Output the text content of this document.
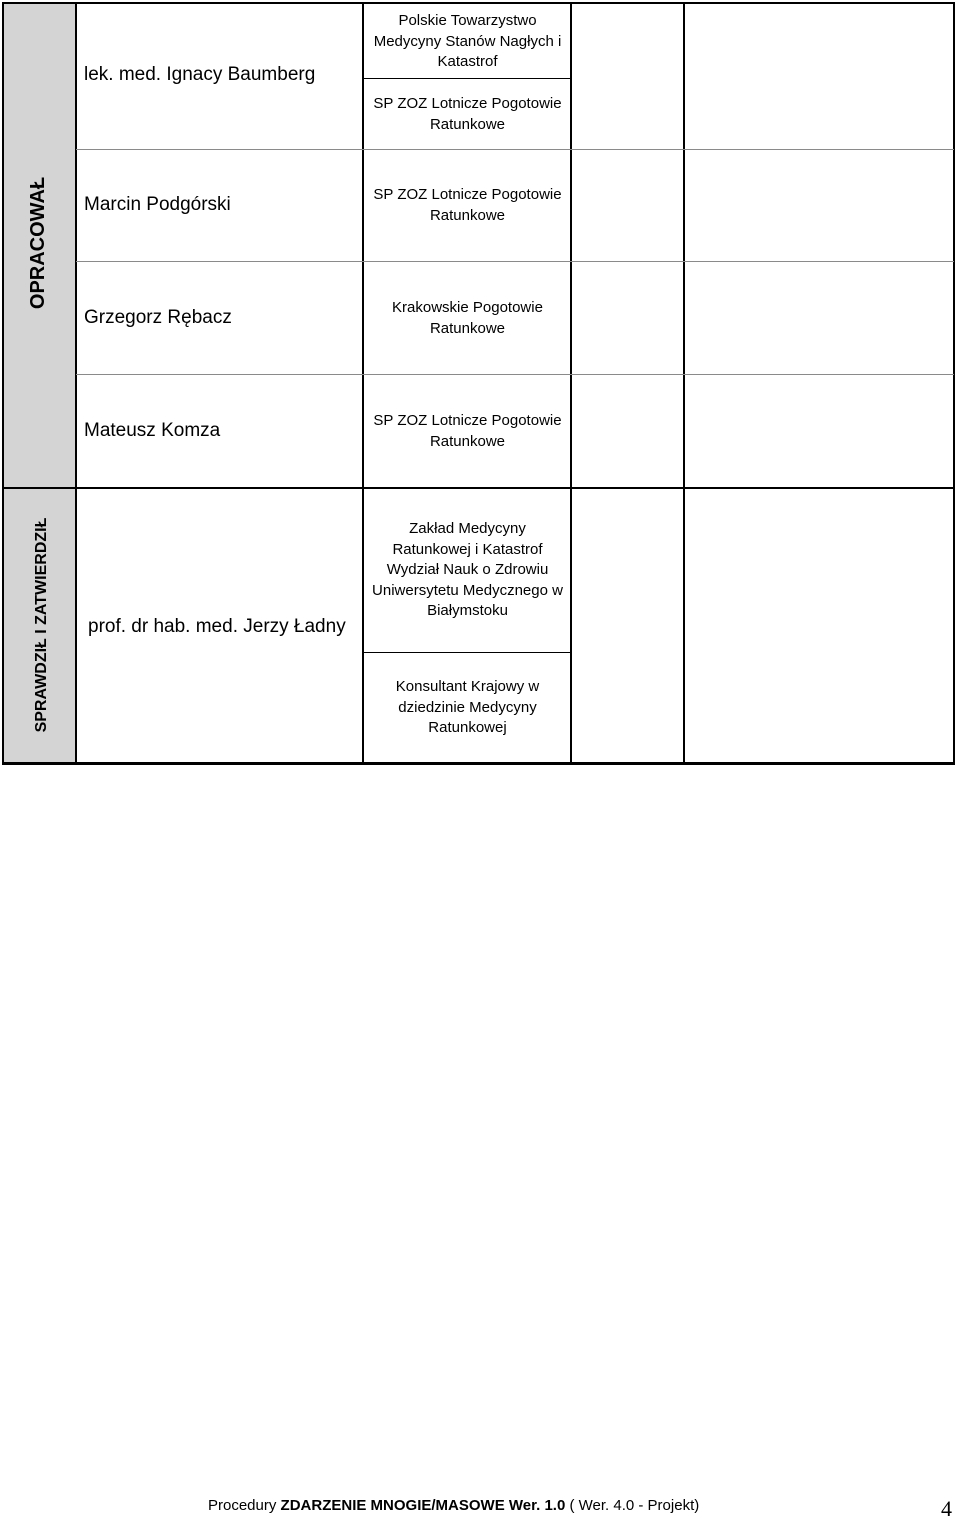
OPRACOWAŁ
SPRAWDZIŁ I ZATWIERDZIŁ
lek. med. Ignacy Baumberg
Marcin Podgórski
Grzegorz Rębacz
Mateusz Komza
prof. dr hab. med. Jerzy Ładny
Polskie Towarzystwo Medycyny Stanów Nagłych i Katastrof
SP ZOZ Lotnicze Pogotowie Ratunkowe
SP ZOZ Lotnicze Pogotowie Ratunkowe
Krakowskie Pogotowie Ratunkowe
SP ZOZ Lotnicze Pogotowie Ratunkowe
Zakład Medycyny Ratunkowej i Katastrof Wydział Nauk o Zdrowiu Uniwersytetu Medycznego w Białymstoku
Konsultant Krajowy w dziedzinie Medycyny Ratunkowej
Procedury ZDARZENIE MNOGIE/MASOWE Wer. 1.0 ( Wer. 4.0 - Projekt)	4
